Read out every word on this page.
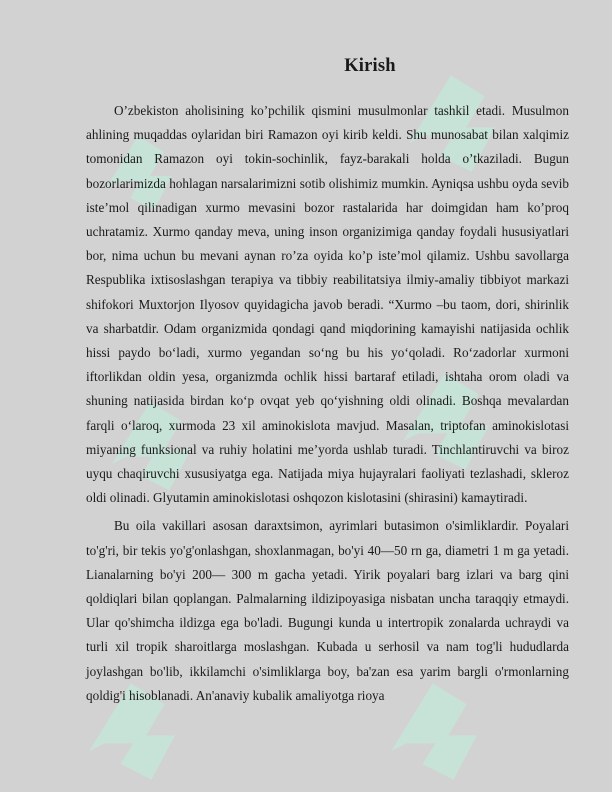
Kirish

O’zbekiston aholisining ko’pchilik qismini musulmonlar tashkil etadi. Musulmon ahlining muqaddas oylaridan biri Ramazon oyi kirib keldi. Shu munosabat bilan xalqimiz tomonidan Ramazon oyi tokin-sochinlik, fayz-barakali holda o’tkaziladi. Bugun bozorlarimizda hohlagan narsalarimizni sotib olishimiz mumkin. Ayniqsa ushbu oyda sevib iste’mol qilinadigan xurmo mevasini bozor rastalarida har doimgidan ham ko’proq uchratamiz. Xurmo qanday meva, uning inson organizimiga qanday foydali hususiyatlari bor, nima uchun bu mevani aynan ro’za oyida ko’p iste’mol qilamiz. Ushbu savollarga Respublika ixtisoslashgan terapiya va tibbiy reabilitatsiya ilmiy-amaliy tibbiyot markazi shifokori Muxtorjon Ilyosov quyidagicha javob beradi. “Xurmo –bu taom, dori, shirinlik va sharbatdir. Odam organizmida qondagi qand miqdorining kamayishi natijasida ochlik hissi paydo bo‘ladi, xurmo yegandan so‘ng bu his yo‘qoladi. Ro‘zadorlar xurmoni iftorlikdan oldin yesa, organizmda ochlik hissi bartaraf etiladi, ishtaha orom oladi va shuning natijasida birdan ko‘p ovqat yeb qo‘yishning oldi olinadi. Boshqa mevalardan farqli o‘laroq, xurmoda 23 xil aminokislota mavjud. Masalan, triptofan aminokislotasi miyaning funksional va ruhiy holatini me’yorda ushlab turadi. Tinchlantiruvchi va biroz uyqu chaqiruvchi xususiyatga ega. Natijada miya hujayralari faoliyati tezlashadi, skleroz oldi olinadi. Glyutamin aminokislotasi oshqozon kislotasini (shirasini) kamaytiradi.

Bu oila vakillari asosan daraxtsimon, ayrimlari butasimon o'simliklardir. Poyalari to'g'ri, bir tekis yo'g'onlashgan, shoxlanmagan, bo'yi 40—50 rn ga, diametri 1 m ga yetadi. Lianalarning bo'yi 200— 300 m gacha yetadi. Yirik poyalari barg izlari va barg qini qoldiqlari bilan qoplangan. Palmalarning ildizipoyasiga nisbatan uncha taraqqiy etmaydi. Ular qo'shimcha ildizga ega bo'ladi. Bugungi kunda u intertropik zonalarda uchraydi va turli xil tropik sharoitlarga moslashgan. Kubada u serhosil va nam tog'li hududlarda joylashgan bo'lib, ikkilamchi o'simliklarga boy, ba'zan esa yarim bargli o'rmonlarning qoldig'i hisoblanadi. An'anaviy kubalik amaliyotga rioya
